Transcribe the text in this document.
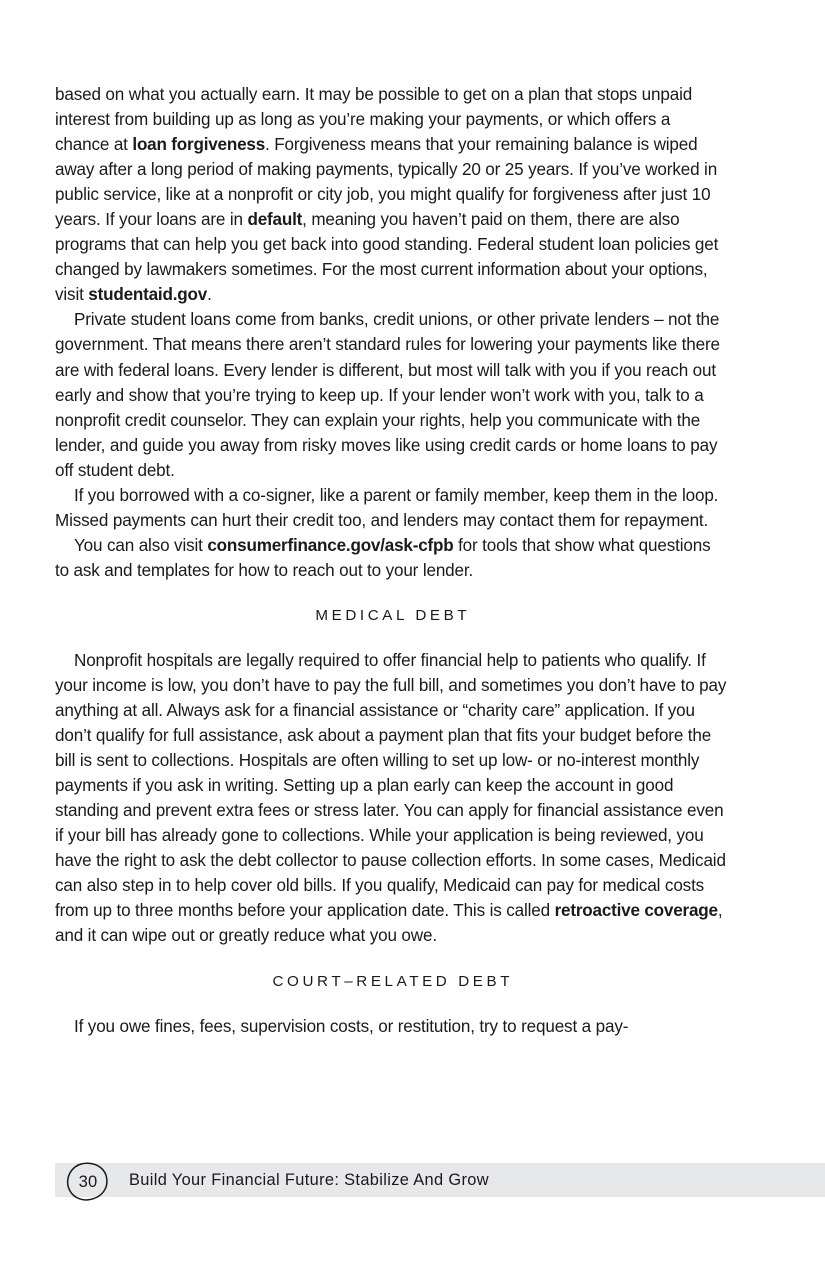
based on what you actually earn. It may be possible to get on a plan that stops unpaid interest from building up as long as you’re making your payments, or which offers a chance at loan forgiveness. Forgiveness means that your remaining balance is wiped away after a long period of making payments, typically 20 or 25 years. If you’ve worked in public service, like at a nonprofit or city job, you might qualify for forgiveness after just 10 years. If your loans are in default, meaning you haven’t paid on them, there are also programs that can help you get back into good standing. Federal student loan policies get changed by lawmakers sometimes. For the most current information about your options, visit studentaid.gov.

Private student loans come from banks, credit unions, or other private lenders – not the government. That means there aren’t standard rules for lowering your payments like there are with federal loans. Every lender is different, but most will talk with you if you reach out early and show that you’re trying to keep up. If your lender won’t work with you, talk to a nonprofit credit counselor. They can explain your rights, help you communicate with the lender, and guide you away from risky moves like using credit cards or home loans to pay off student debt.

If you borrowed with a co-signer, like a parent or family member, keep them in the loop. Missed payments can hurt their credit too, and lenders may contact them for repayment.

You can also visit consumerfinance.gov/ask-cfpb for tools that show what questions to ask and templates for how to reach out to your lender.

MEDICAL DEBT

Nonprofit hospitals are legally required to offer financial help to patients who qualify. If your income is low, you don’t have to pay the full bill, and sometimes you don’t have to pay anything at all. Always ask for a financial assistance or “charity care” application. If you don’t qualify for full assistance, ask about a payment plan that fits your budget before the bill is sent to collections. Hospitals are often willing to set up low- or no-interest monthly payments if you ask in writing. Setting up a plan early can keep the account in good standing and prevent extra fees or stress later. You can apply for financial assistance even if your bill has already gone to collections. While your application is being reviewed, you have the right to ask the debt collector to pause collection efforts. In some cases, Medicaid can also step in to help cover old bills. If you qualify, Medicaid can pay for medical costs from up to three months before your application date. This is called retroactive coverage, and it can wipe out or greatly reduce what you owe.

COURT–RELATED DEBT

If you owe fines, fees, supervision costs, or restitution, try to request a pay-

Build Your Financial Future: Stabilize And Grow
30
